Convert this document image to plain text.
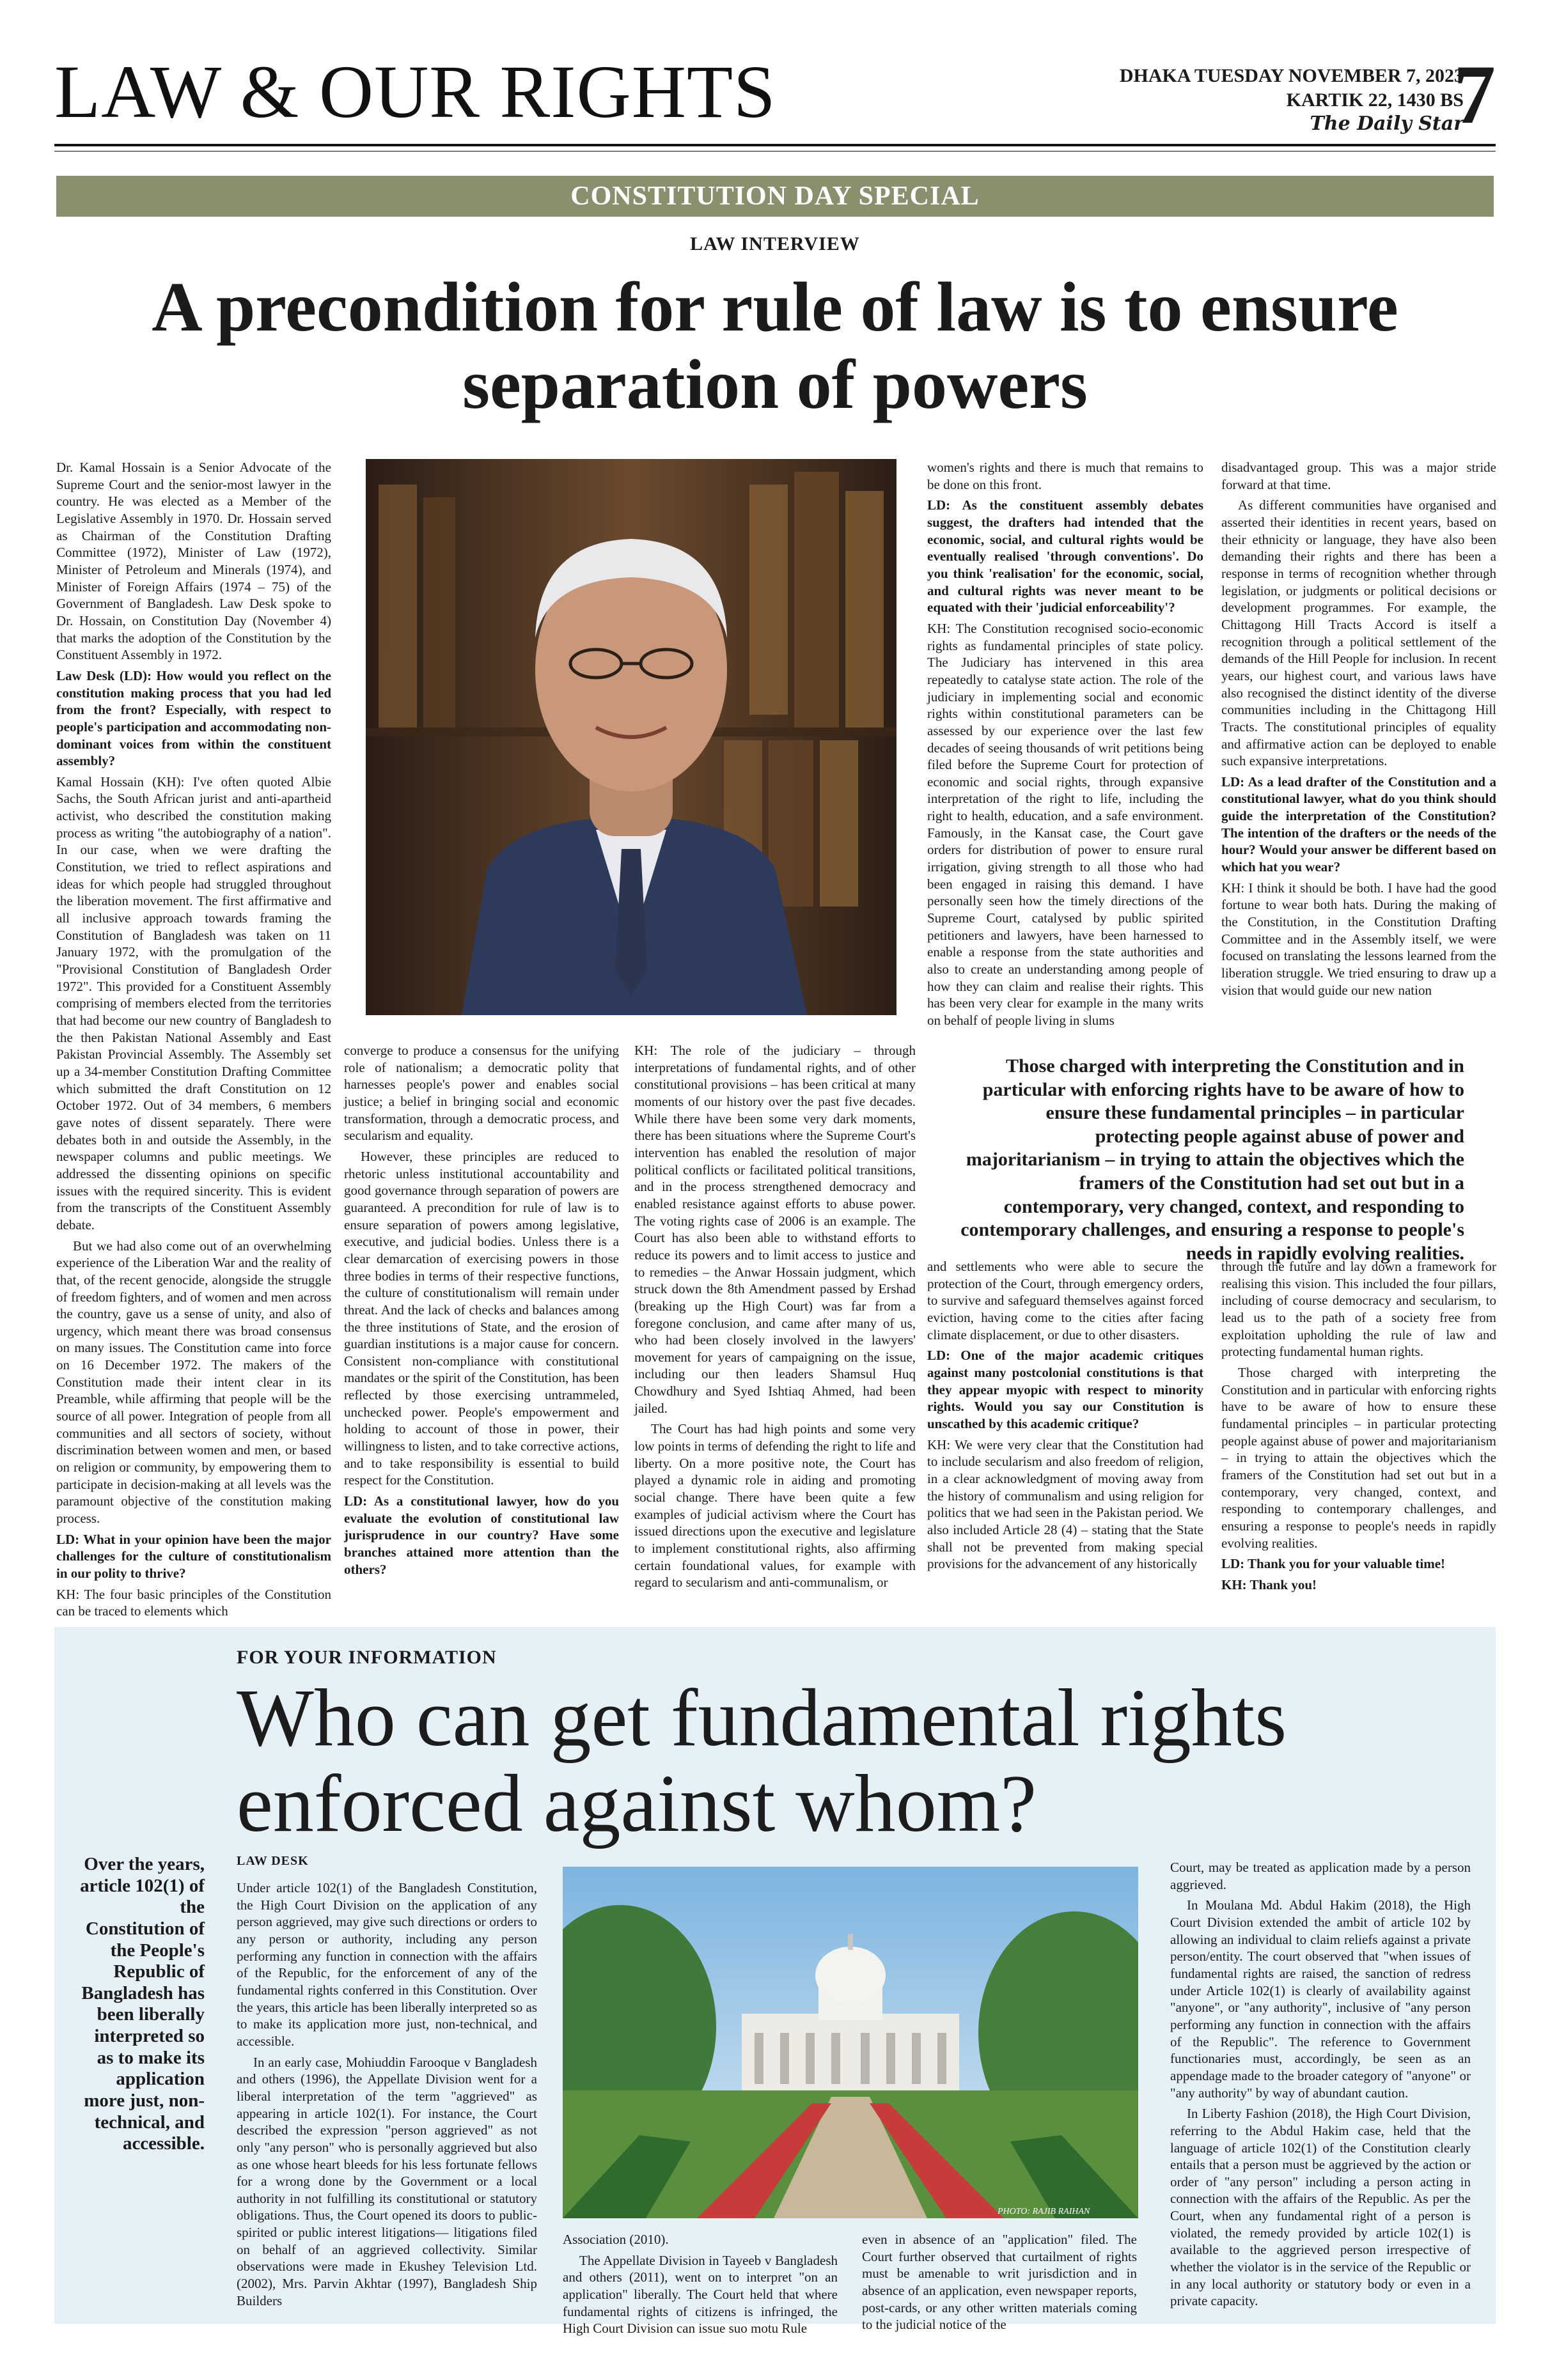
LAW & OUR RIGHTS	DHAKA TUESDAY NOVEMBER 7, 2023
KARTIK 22, 1430 BS
The Daily Star
7
CONSTITUTION DAY SPECIAL
LAW INTERVIEW
A precondition for rule of law is to ensure separation of powers

Dr. Kamal Hossain is a Senior Advocate of the Supreme Court and the senior-most lawyer in the country. He was elected as a Member of the Legislative Assembly in 1970. Dr. Hossain served as Chairman of the Constitution Drafting Committee (1972), Minister of Law (1972), Minister of Petroleum and Minerals (1974), and Minister of Foreign Affairs (1974 – 75) of the Government of Bangladesh. Law Desk spoke to Dr. Hossain, on Constitution Day (November 4) that marks the adoption of the Constitution by the Constituent Assembly in 1972.

Law Desk (LD): How would you reflect on the constitution making process that you had led from the front? Especially, with respect to people's participation and accommodating non-dominant voices from within the constituent assembly?

Kamal Hossain (KH): I've often quoted Albie Sachs, the South African jurist and anti-apartheid activist, who described the constitution making process as writing "the autobiography of a nation". In our case, when we were drafting the Constitution, we tried to reflect aspirations and ideas for which people had struggled throughout the liberation movement. The first affirmative and all inclusive approach towards framing the Constitution of Bangladesh was taken on 11 January 1972, with the promulgation of the "Provisional Constitution of Bangladesh Order 1972". This provided for a Constituent Assembly comprising of members elected from the territories that had become our new country of Bangladesh to the then Pakistan National Assembly and East Pakistan Provincial Assembly. The Assembly set up a 34-member Constitution Drafting Committee which submitted the draft Constitution on 12 October 1972. Out of 34 members, 6 members gave notes of dissent separately. There were debates both in and outside the Assembly, in the newspaper columns and public meetings. We addressed the dissenting opinions on specific issues with the required sincerity. This is evident from the transcripts of the Constituent Assembly debate.

But we had also come out of an overwhelming experience of the Liberation War and the reality of that, of the recent genocide, alongside the struggle of freedom fighters, and of women and men across the country, gave us a sense of unity, and also of urgency, which meant there was broad consensus on many issues. The Constitution came into force on 16 December 1972. The makers of the Constitution made their intent clear in its Preamble, while affirming that people will be the source of all power. Integration of people from all communities and all sectors of society, without discrimination between women and men, or based on religion or community, by empowering them to participate in decision-making at all levels was the paramount objective of the constitution making process.

LD: What in your opinion have been the major challenges for the culture of constitutionalism in our polity to thrive?

KH: The four basic principles of the Constitution can be traced to elements which

converge to produce a consensus for the unifying role of nationalism; a democratic polity that harnesses people's power and enables social justice; a belief in bringing social and economic transformation, through a democratic process, and secularism and equality.

However, these principles are reduced to rhetoric unless institutional accountability and good governance through separation of powers are guaranteed. A precondition for rule of law is to ensure separation of powers among legislative, executive, and judicial bodies. Unless there is a clear demarcation of exercising powers in those three bodies in terms of their respective functions, the culture of constitutionalism will remain under threat. And the lack of checks and balances among the three institutions of State, and the erosion of guardian institutions is a major cause for concern. Consistent non-compliance with constitutional mandates or the spirit of the Constitution, has been reflected by those exercising untrammeled, unchecked power. People's empowerment and holding to account of those in power, their willingness to listen, and to take corrective actions, and to take responsibility is essential to build respect for the Constitution.

LD: As a constitutional lawyer, how do you evaluate the evolution of constitutional law jurisprudence in our country? Have some branches attained more attention than the others?

KH: The role of the judiciary – through interpretations of fundamental rights, and of other constitutional provisions – has been critical at many moments of our history over the past five decades. While there have been some very dark moments, there has been situations where the Supreme Court's intervention has enabled the resolution of major political conflicts or facilitated political transitions, and in the process strengthened democracy and enabled resistance against efforts to abuse power. The voting rights case of 2006 is an example. The Court has also been able to withstand efforts to reduce its powers and to limit access to justice and to remedies – the Anwar Hossain judgment, which struck down the 8th Amendment passed by Ershad (breaking up the High Court) was far from a foregone conclusion, and came after many of us, who had been closely involved in the lawyers' movement for years of campaigning on the issue, including our then leaders Shamsul Huq Chowdhury and Syed Ishtiaq Ahmed, had been jailed.

The Court has had high points and some very low points in terms of defending the right to life and liberty. On a more positive note, the Court has played a dynamic role in aiding and promoting social change. There have been quite a few examples of judicial activism where the Court has issued directions upon the executive and legislature to implement constitutional rights, also affirming certain foundational values, for example with regard to secularism and anti-communalism, or

women's rights and there is much that remains to be done on this front.

LD: As the constituent assembly debates suggest, the drafters had intended that the economic, social, and cultural rights would be eventually realised 'through conventions'. Do you think 'realisation' for the economic, social, and cultural rights was never meant to be equated with their 'judicial enforceability'?

KH: The Constitution recognised socio-economic rights as fundamental principles of state policy. The Judiciary has intervened in this area repeatedly to catalyse state action. The role of the judiciary in implementing social and economic rights within constitutional parameters can be assessed by our experience over the last few decades of seeing thousands of writ petitions being filed before the Supreme Court for protection of economic and social rights, through expansive interpretation of the right to life, including the right to health, education, and a safe environment. Famously, in the Kansat case, the Court gave orders for distribution of power to ensure rural irrigation, giving strength to all those who had been engaged in raising this demand. I have personally seen how the timely directions of the Supreme Court, catalysed by public spirited petitioners and lawyers, have been harnessed to enable a response from the state authorities and also to create an understanding among people of how they can claim and realise their rights. This has been very clear for example in the many writs on behalf of people living in slums

disadvantaged group. This was a major stride forward at that time.

As different communities have organised and asserted their identities in recent years, based on their ethnicity or language, they have also been demanding their rights and there has been a response in terms of recognition whether through legislation, or judgments or political decisions or development programmes. For example, the Chittagong Hill Tracts Accord is itself a recognition through a political settlement of the demands of the Hill People for inclusion. In recent years, our highest court, and various laws have also recognised the distinct identity of the diverse communities including in the Chittagong Hill Tracts. The constitutional principles of equality and affirmative action can be deployed to enable such expansive interpretations.

LD: As a lead drafter of the Constitution and a constitutional lawyer, what do you think should guide the interpretation of the Constitution? The intention of the drafters or the needs of the hour? Would your answer be different based on which hat you wear?

KH: I think it should be both. I have had the good fortune to wear both hats. During the making of the Constitution, in the Constitution Drafting Committee and in the Assembly itself, we were focused on translating the lessons learned from the liberation struggle. We tried ensuring to draw up a vision that would guide our new nation

Those charged with interpreting the Constitution and in particular with enforcing rights have to be aware of how to ensure these fundamental principles – in particular protecting people against abuse of power and majoritarianism – in trying to attain the objectives which the framers of the Constitution had set out but in a contemporary, very changed, context, and responding to contemporary challenges, and ensuring a response to people's needs in rapidly evolving realities.

and settlements who were able to secure the protection of the Court, through emergency orders, to survive and safeguard themselves against forced eviction, having come to the cities after facing climate displacement, or due to other disasters.

LD: One of the major academic critiques against many postcolonial constitutions is that they appear myopic with respect to minority rights. Would you say our Constitution is unscathed by this academic critique?

KH: We were very clear that the Constitution had to include secularism and also freedom of religion, in a clear acknowledgment of moving away from the history of communalism and using religion for politics that we had seen in the Pakistan period. We also included Article 28 (4) – stating that the State shall not be prevented from making special provisions for the advancement of any historically

through the future and lay down a framework for realising this vision. This included the four pillars, including of course democracy and secularism, to lead us to the path of a society free from exploitation upholding the rule of law and protecting fundamental human rights.

Those charged with interpreting the Constitution and in particular with enforcing rights have to be aware of how to ensure these fundamental principles – in particular protecting people against abuse of power and majoritarianism – in trying to attain the objectives which the framers of the Constitution had set out but in a contemporary, very changed, context, and responding to contemporary challenges, and ensuring a response to people's needs in rapidly evolving realities.

LD: Thank you for your valuable time!

KH: Thank you!

FOR YOUR INFORMATION
Who can get fundamental rights enforced against whom?
Over the years, article 102(1) of the Constitution of the People's Republic of Bangladesh has been liberally interpreted so as to make its application more just, non-technical, and accessible.
LAW DESK

Under article 102(1) of the Bangladesh Constitution, the High Court Division on the application of any person aggrieved, may give such directions or orders to any person or authority, including any person performing any function in connection with the affairs of the Republic, for the enforcement of any of the fundamental rights conferred in this Constitution. Over the years, this article has been liberally interpreted so as to make its application more just, non-technical, and accessible.

In an early case, Mohiuddin Farooque v Bangladesh and others (1996), the Appellate Division went for a liberal interpretation of the term "aggrieved" as appearing in article 102(1). For instance, the Court described the expression "person aggrieved" as not only "any person" who is personally aggrieved but also as one whose heart bleeds for his less fortunate fellows for a wrong done by the Government or a local authority in not fulfilling its constitutional or statutory obligations. Thus, the Court opened its doors to public-spirited or public interest litigations— litigations filed on behalf of an aggrieved collectivity. Similar observations were made in Ekushey Television Ltd. (2002), Mrs. Parvin Akhtar (1997), Bangladesh Ship Builders

PHOTO: RAJIB RAIHAN

Association (2010).

The Appellate Division in Tayeeb v Bangladesh and others (2011), went on to interpret "on an application" liberally. The Court held that where fundamental rights of citizens is infringed, the High Court Division can issue suo motu Rule

even in absence of an "application" filed. The Court further observed that curtailment of rights must be amenable to writ jurisdiction and in absence of an application, even newspaper reports, post-cards, or any other written materials coming to the judicial notice of the

Court, may be treated as application made by a person aggrieved.

In Moulana Md. Abdul Hakim (2018), the High Court Division extended the ambit of article 102 by allowing an individual to claim reliefs against a private person/entity. The court observed that "when issues of fundamental rights are raised, the sanction of redress under Article 102(1) is clearly of availability against "anyone", or "any authority", inclusive of "any person performing any function in connection with the affairs of the Republic". The reference to Government functionaries must, accordingly, be seen as an appendage made to the broader category of "anyone" or "any authority" by way of abundant caution.

In Liberty Fashion (2018), the High Court Division, referring to the Abdul Hakim case, held that the language of article 102(1) of the Constitution clearly entails that a person must be aggrieved by the action or order of "any person" including a person acting in connection with the affairs of the Republic. As per the Court, when any fundamental right of a person is violated, the remedy provided by article 102(1) is available to the aggrieved person irrespective of whether the violator is in the service of the Republic or in any local authority or statutory body or even in a private capacity.
